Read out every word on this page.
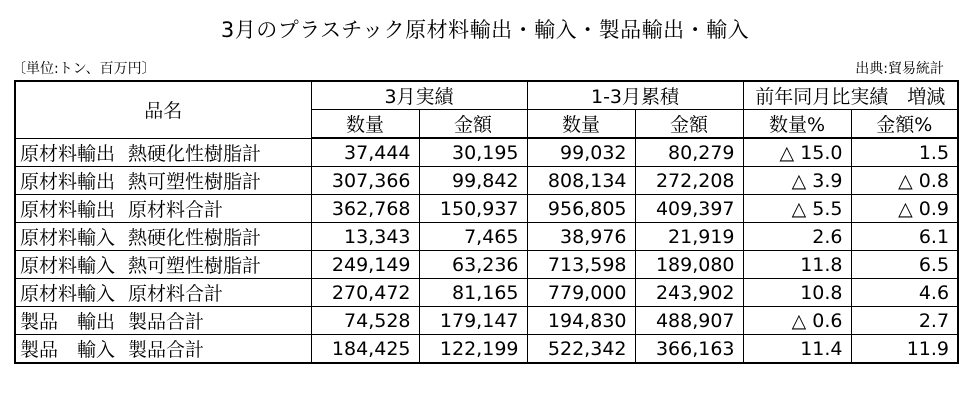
3月のプラスチック原材料輸出・輸入・製品輸出・輸入
〔単位:トン、百万円〕	出典:貿易統計
品名	3月実績		1-3月累積		前年同月比実績　増減	
	数量	金額	数量	金額	数量%	金額%
原材料輸出 熱硬化性樹脂計	37,444	30,195	99,032	80,279	△ 15.0	1.5
原材料輸出 熱可塑性樹脂計	307,366	99,842	808,134	272,208	△ 3.9	△ 0.8
原材料輸出 原材料合計	362,768	150,937	956,805	409,397	△ 5.5	△ 0.9
原材料輸入 熱硬化性樹脂計	13,343	7,465	38,976	21,919	2.6	6.1
原材料輸入 熱可塑性樹脂計	249,149	63,236	713,598	189,080	11.8	6.5
原材料輸入 原材料合計	270,472	81,165	779,000	243,902	10.8	4.6
製品　輸出 製品合計	74,528	179,147	194,830	488,907	△ 0.6	2.7
製品　輸入 製品合計	184,425	122,199	522,342	366,163	11.4	11.9
